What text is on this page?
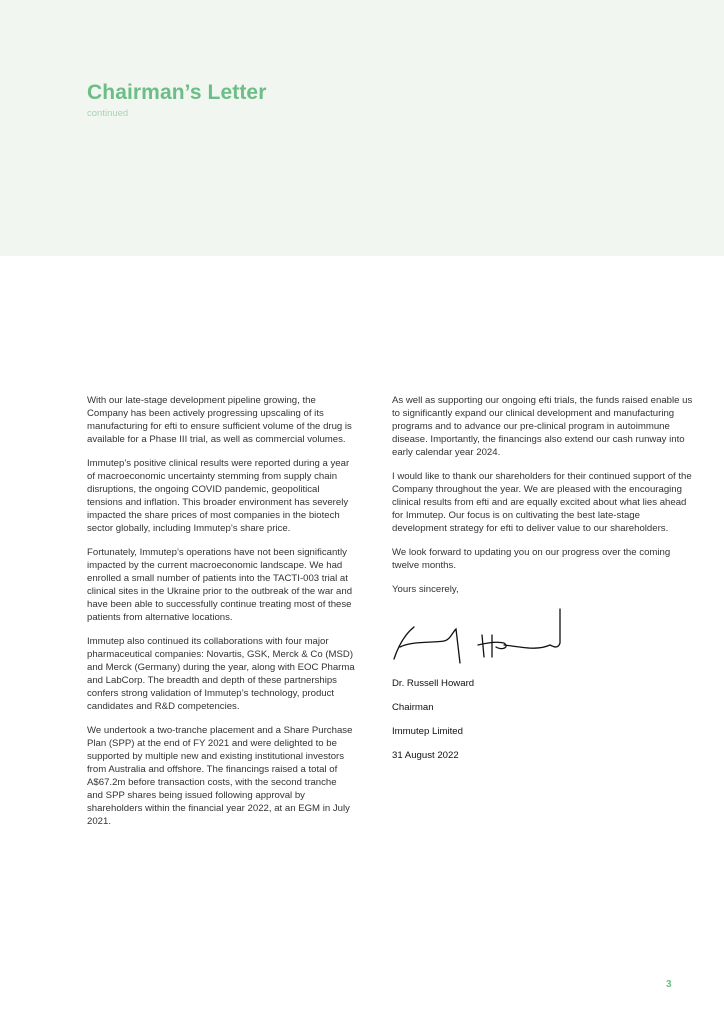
Chairman’s Letter
continued

With our late-stage development pipeline growing, the Company has been actively progressing upscaling of its manufacturing for efti to ensure sufficient volume of the drug is available for a Phase III trial, as well as commercial volumes.

Immutep’s positive clinical results were reported during a year of macroeconomic uncertainty stemming from supply chain disruptions, the ongoing COVID pandemic, geopolitical tensions and inflation. This broader environment has severely impacted the share prices of most companies in the biotech sector globally, including Immutep’s share price.

Fortunately, Immutep’s operations have not been significantly impacted by the current macroeconomic landscape. We had enrolled a small number of patients into the TACTI-003 trial at clinical sites in the Ukraine prior to the outbreak of the war and have been able to successfully continue treating most of these patients from alternative locations.

Immutep also continued its collaborations with four major pharmaceutical companies: Novartis, GSK, Merck & Co (MSD) and Merck (Germany) during the year, along with EOC Pharma and LabCorp. The breadth and depth of these partnerships confers strong validation of Immutep’s technology, product candidates and R&D competencies.

We undertook a two-tranche placement and a Share Purchase Plan (SPP) at the end of FY 2021 and were delighted to be supported by multiple new and existing institutional investors from Australia and offshore. The financings raised a total of A$67.2m before transaction costs, with the second tranche and SPP shares being issued following approval by shareholders within the financial year 2022, at an EGM in July 2021.

As well as supporting our ongoing efti trials, the funds raised enable us to significantly expand our clinical development and manufacturing programs and to advance our pre-clinical program in autoimmune disease. Importantly, the financings also extend our cash runway into early calendar year 2024.

I would like to thank our shareholders for their continued support of the Company throughout the year. We are pleased with the encouraging clinical results from efti and are equally excited about what lies ahead for Immutep. Our focus is on cultivating the best late-stage development strategy for efti to deliver value to our shareholders.

We look forward to updating you on our progress over the coming twelve months.

Yours sincerely,

Dr. Russell Howard

Chairman

Immutep Limited

31 August 2022

3
